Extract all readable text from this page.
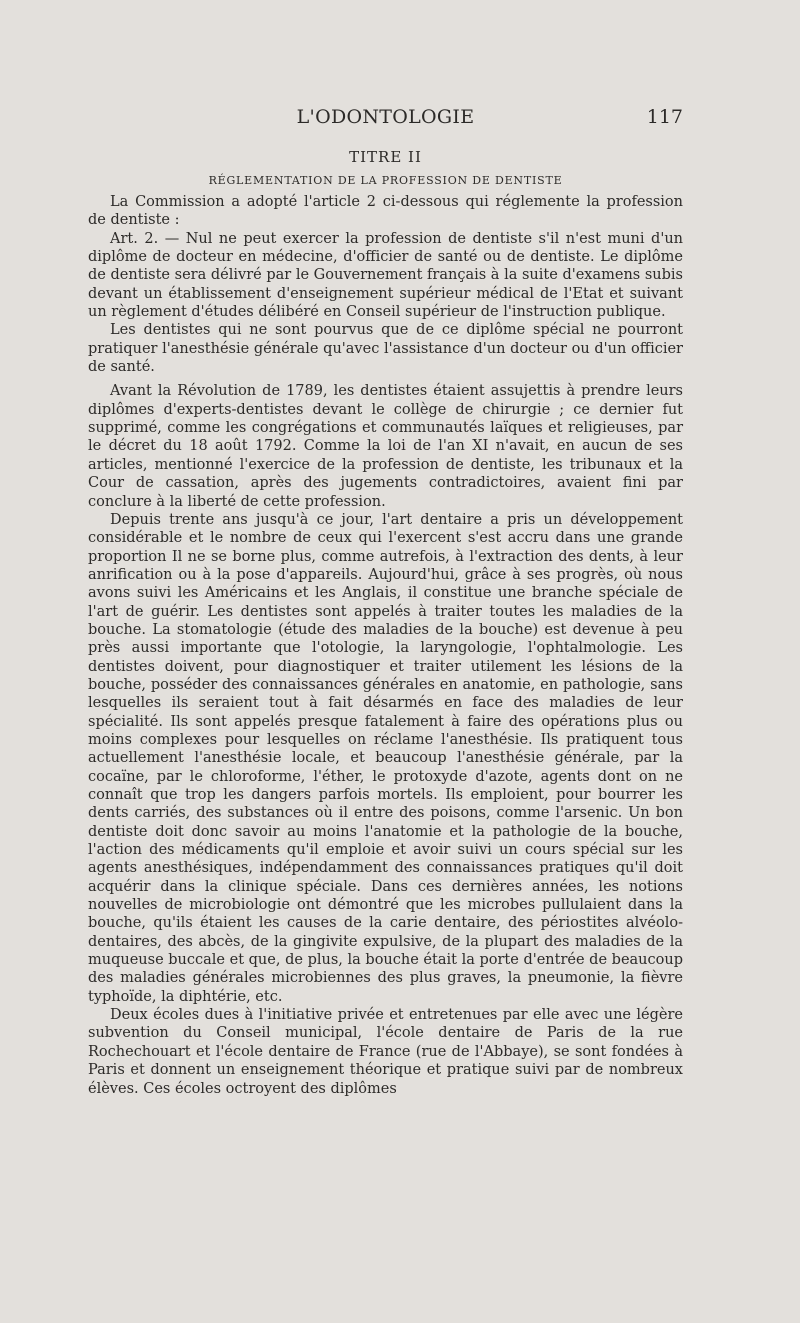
L'ODONTOLOGIE	117
TITRE II
RÉGLEMENTATION DE LA PROFESSION DE DENTISTE

La Commission a adopté l'article 2 ci-dessous qui réglemente la profession de dentiste :

Art. 2. — Nul ne peut exercer la profession de dentiste s'il n'est muni d'un diplôme de docteur en médecine, d'officier de santé ou de dentiste. Le diplôme de dentiste sera délivré par le Gouvernement français à la suite d'examens subis devant un établissement d'enseignement supérieur médical de l'Etat et suivant un règlement d'études délibéré en Conseil supérieur de l'instruction publique.

Les dentistes qui ne sont pourvus que de ce diplôme spécial ne pourront pratiquer l'anesthésie générale qu'avec l'assistance d'un docteur ou d'un officier de santé.

Avant la Révolution de 1789, les dentistes étaient assujettis à prendre leurs diplômes d'experts-dentistes devant le collège de chirurgie ; ce dernier fut supprimé, comme les congrégations et communautés laïques et religieuses, par le décret du 18 août 1792. Comme la loi de l'an XI n'avait, en aucun de ses articles, mentionné l'exercice de la profession de dentiste, les tribunaux et la Cour de cassation, après des jugements contradictoires, avaient fini par conclure à la liberté de cette profession.

Depuis trente ans jusqu'à ce jour, l'art dentaire a pris un développement considérable et le nombre de ceux qui l'exercent s'est accru dans une grande proportion Il ne se borne plus, comme autrefois, à l'extraction des dents, à leur anrification ou à la pose d'appareils. Aujourd'hui, grâce à ses progrès, où nous avons suivi les Américains et les Anglais, il constitue une branche spéciale de l'art de guérir. Les dentistes sont appelés à traiter toutes les maladies de la bouche. La stomatologie (étude des maladies de la bouche) est devenue à peu près aussi importante que l'otologie, la laryngologie, l'ophtalmologie. Les dentistes doivent, pour diagnostiquer et traiter utilement les lésions de la bouche, posséder des connaissances générales en anatomie, en pathologie, sans lesquelles ils seraient tout à fait désarmés en face des maladies de leur spécialité. Ils sont appelés presque fatalement à faire des opérations plus ou moins complexes pour lesquelles on réclame l'anesthésie. Ils pratiquent tous actuellement l'anesthésie locale, et beaucoup l'anesthésie générale, par la cocaïne, par le chloroforme, l'éther, le protoxyde d'azote, agents dont on ne connaît que trop les dangers parfois mortels. Ils emploient, pour bourrer les dents carriés, des substances où il entre des poisons, comme l'arsenic. Un bon dentiste doit donc savoir au moins l'anatomie et la pathologie de la bouche, l'action des médicaments qu'il emploie et avoir suivi un cours spécial sur les agents anesthésiques, indépendamment des connaissances pratiques qu'il doit acquérir dans la clinique spéciale. Dans ces dernières années, les notions nouvelles de microbiologie ont démontré que les microbes pullulaient dans la bouche, qu'ils étaient les causes de la carie dentaire, des périostites alvéolo-dentaires, des abcès, de la gingivite expulsive, de la plupart des maladies de la muqueuse buccale et que, de plus, la bouche était la porte d'entrée de beaucoup des maladies générales microbiennes des plus graves, la pneumonie, la fièvre typhoïde, la diphtérie, etc.

Deux écoles dues à l'initiative privée et entretenues par elle avec une légère subvention du Conseil municipal, l'école dentaire de Paris de la rue Rochechouart et l'école dentaire de France (rue de l'Abbaye), se sont fondées à Paris et donnent un enseignement théorique et pratique suivi par de nombreux élèves. Ces écoles octroyent des diplômes
